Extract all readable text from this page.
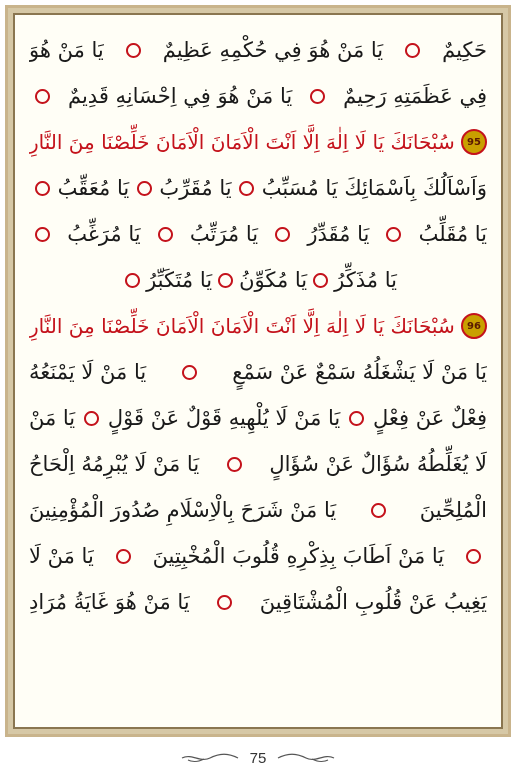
حَكِيمٌ
يَا مَنْ هُوَ فِي حُكْمِهِ عَظِيمٌ
يَا مَنْ هُوَ
فِي عَظَمَتِهِ رَحِيمٌ
يَا مَنْ هُوَ فِي اِحْسَانِهِ قَدِيمٌ
95
سُبْحَانَكَ يَا لَا اِلٰهَ اِلَّا اَنْتَ الْاَمَانَ الْاَمَانَ خَلِّصْنَا مِنَ النَّارِ
وَاَسْاَلُكَ بِاَسْمَائِكَ يَا مُسَبِّبُ
يَا مُقَرِّبُ
يَا مُعَقِّبُ
يَا مُقَلِّبُ
يَا مُقَدِّرُ
يَا مُرَتِّبُ
يَا مُرَغِّبُ
يَا مُذَكِّرُ
يَا مُكَوِّنُ
يَا مُتَكَبِّرُ
96
سُبْحَانَكَ يَا لَا اِلٰهَ اِلَّا اَنْتَ الْاَمَانَ الْاَمَانَ خَلِّصْنَا مِنَ النَّارِ
يَا مَنْ لَا يَشْغَلُهُ سَمْعٌ عَنْ سَمْعٍ
يَا مَنْ لَا يَمْنَعُهُ
فِعْلٌ عَنْ فِعْلٍ
يَا مَنْ لَا يُلْهِيهِ قَوْلٌ عَنْ قَوْلٍ
يَا مَنْ
لَا يُغَلِّطُهُ سُؤَالٌ عَنْ سُؤَالٍ
يَا مَنْ لَا يُبْرِمُهُ اِلْحَاحُ
الْمُلِحِّينَ
يَا مَنْ شَرَحَ بِالْاِسْلَامِ صُدُورَ الْمُؤْمِنِينَ
يَا مَنْ اَطَابَ بِذِكْرِهِ قُلُوبَ الْمُخْبِتِينَ
يَا مَنْ لَا
يَغِيبُ عَنْ قُلُوبِ الْمُشْتَاقِينَ
يَا مَنْ هُوَ غَايَةُ مُرَادِ
75
